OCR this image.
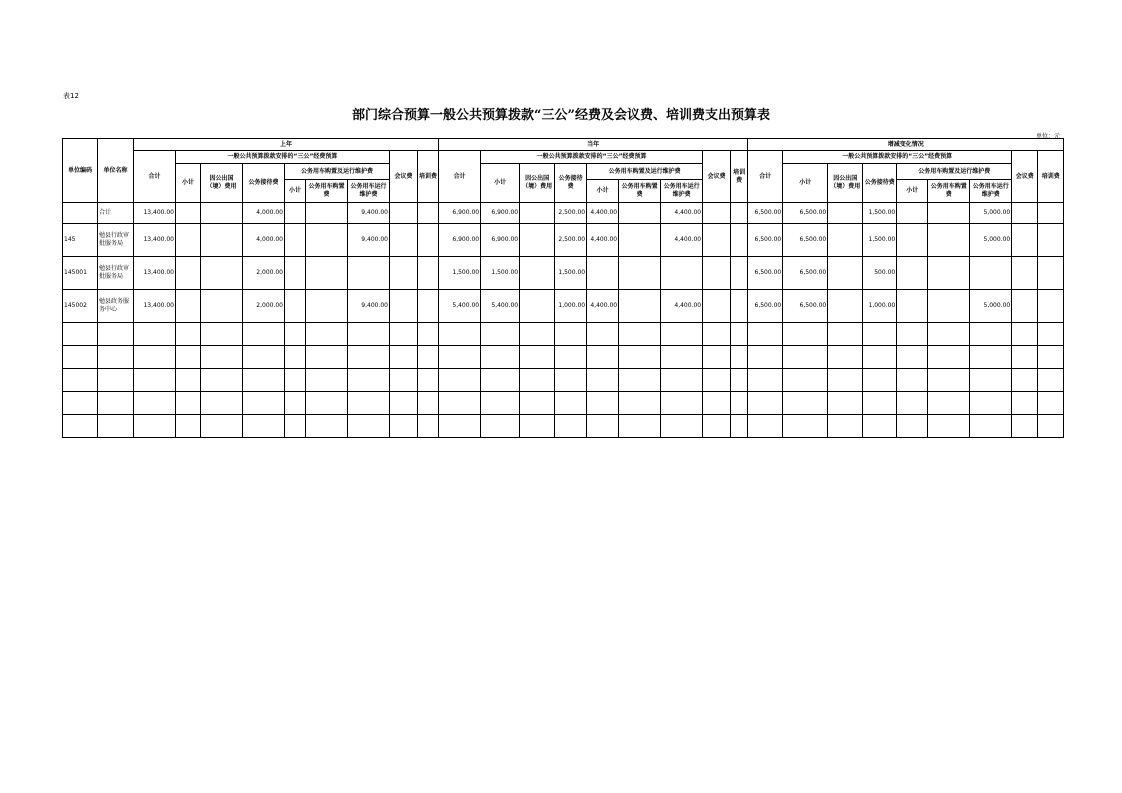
表12
部门综合预算一般公共预算拨款“三公”经费及会议费、培训费支出预算表
单位：元
单位编码	单位名称	上年									当年									增减变化情况								
		合计	一般公共预算拨款安排的“三公”经费预算						会议费	培训费	合计	一般公共预算拨款安排的“三公”经费预算						会议费	培训费	合计	一般公共预算拨款安排的“三公”经费预算						会议费	培训费
			小计	因公出国（境）费用	公务接待费	公务用车购置及运行维护费						小计	因公出国（境）费用	公务接待费	公务用车购置及运行维护费						小计	因公出国（境）费用	公务接待费	公务用车购置及运行维护费				
						小计	公务用车购置费	公务用车运行维护费							小计	公务用车购置费	公务用车运行维护费							小计	公务用车购置费	公务用车运行维护费		
	合计	13,400.00			4,000.00			9,400.00			6,900.00	6,900.00		2,500.00	4,400.00		4,400.00			6,500.00	6,500.00		1,500.00			5,000.00		
145	勉县行政审批服务局	13,400.00			4,000.00			9,400.00			6,900.00	6,900.00		2,500.00	4,400.00		4,400.00			6,500.00	6,500.00		1,500.00			5,000.00		
145001	勉县行政审批服务局	13,400.00			2,000.00						1,500.00	1,500.00		1,500.00						6,500.00	6,500.00		500.00					
145002	勉县政务服务中心	13,400.00			2,000.00			9,400.00			5,400.00	5,400.00		1,000.00	4,400.00		4,400.00			6,500.00	6,500.00		1,000.00			5,000.00		
